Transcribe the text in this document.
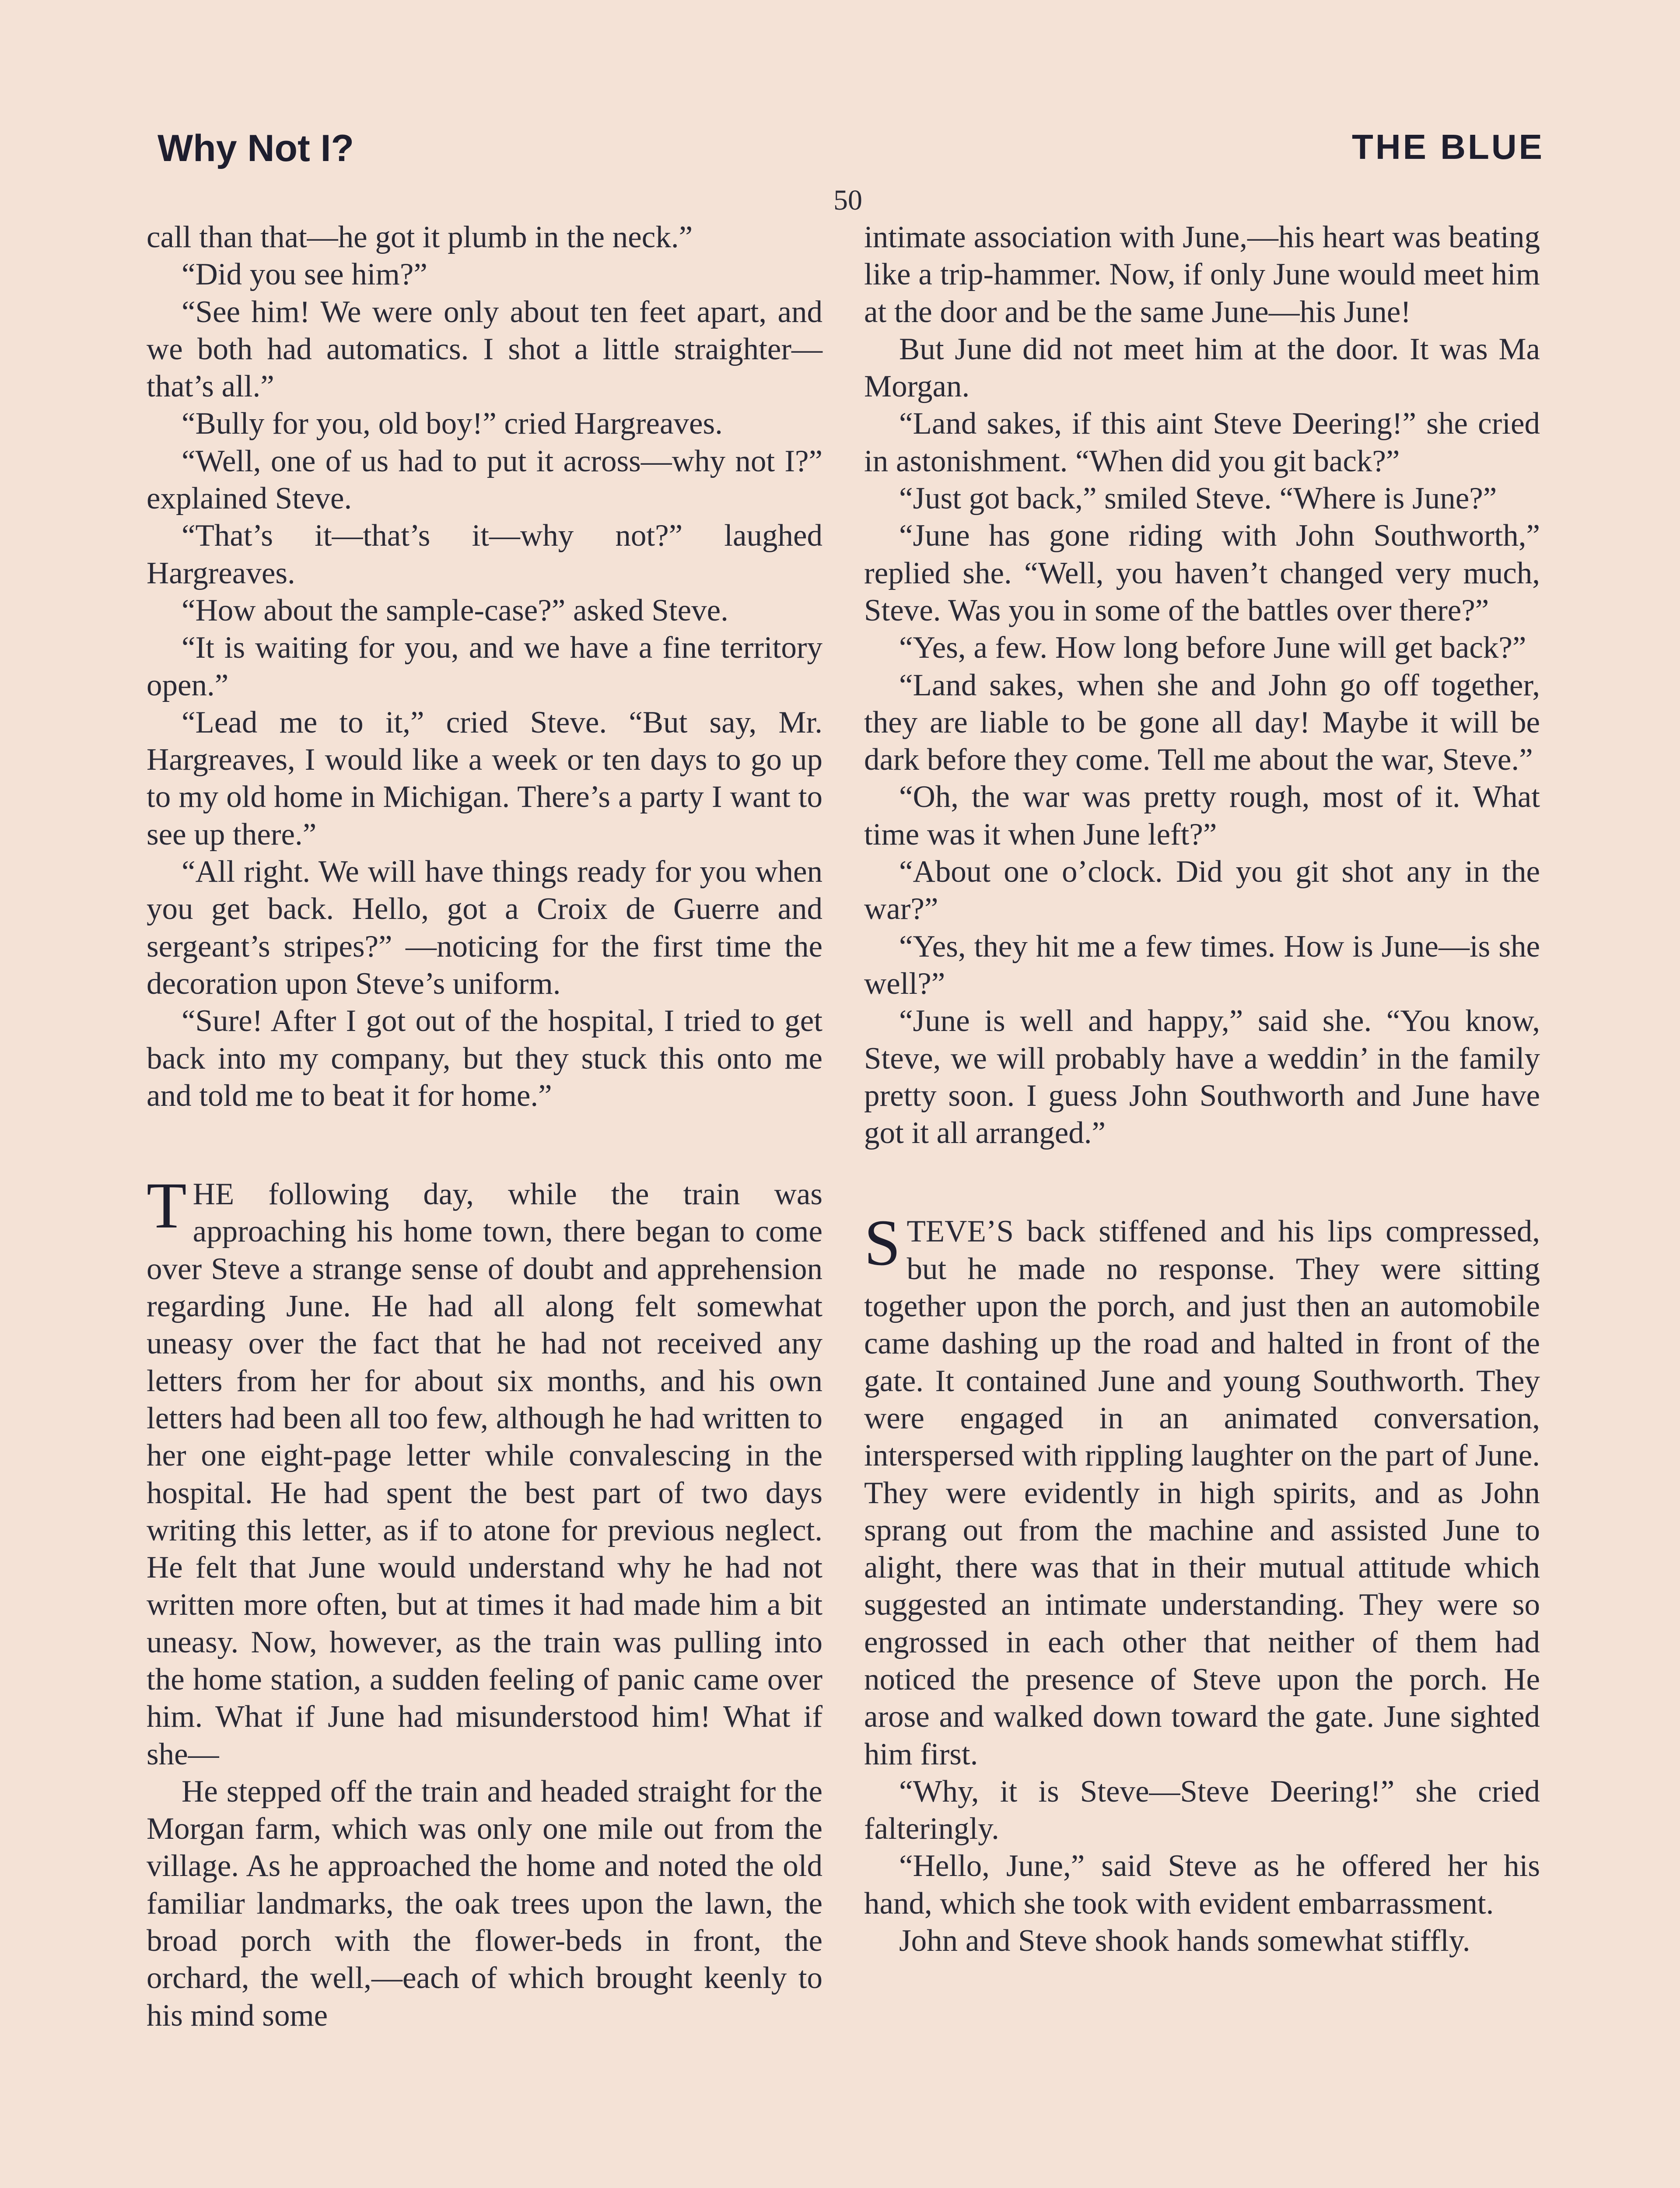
Why Not I?	THE BLUE
50

call than that—he got it plumb in the neck.”

“Did you see him?”

“See him! We were only about ten feet apart, and we both had automatics. I shot a little straighter—that’s all.”

“Bully for you, old boy!” cried Hargreaves.

“Well, one of us had to put it across—why not I?” explained Steve.

“That’s it—that’s it—why not?” laughed Hargreaves.

“How about the sample-case?” asked Steve.

“It is waiting for you, and we have a fine territory open.”

“Lead me to it,” cried Steve. “But say, Mr. Hargreaves, I would like a week or ten days to go up to my old home in Michigan. There’s a party I want to see up there.”

“All right. We will have things ready for you when you get back. Hello, got a Croix de Guerre and sergeant’s stripes?” —noticing for the first time the decoration upon Steve’s uniform.

“Sure! After I got out of the hospital, I tried to get back into my company, but they stuck this onto me and told me to beat it for home.”

THE following day, while the train was approaching his home town, there began to come over Steve a strange sense of doubt and apprehension regarding June. He had all along felt somewhat uneasy over the fact that he had not received any letters from her for about six months, and his own letters had been all too few, although he had written to her one eight-page letter while convalescing in the hospital. He had spent the best part of two days writing this letter, as if to atone for previous neglect. He felt that June would understand why he had not written more often, but at times it had made him a bit uneasy. Now, however, as the train was pulling into the home station, a sudden feeling of panic came over him. What if June had misunderstood him! What if she—

He stepped off the train and headed straight for the Morgan farm, which was only one mile out from the village. As he approached the home and noted the old familiar landmarks, the oak trees upon the lawn, the broad porch with the flower-beds in front, the orchard, the well,—each of which brought keenly to his mind some

intimate association with June,—his heart was beating like a trip-hammer. Now, if only June would meet him at the door and be the same June—his June!

But June did not meet him at the door. It was Ma Morgan.

“Land sakes, if this aint Steve Deering!” she cried in astonishment. “When did you git back?”

“Just got back,” smiled Steve. “Where is June?”

“June has gone riding with John Southworth,” replied she. “Well, you haven’t changed very much, Steve. Was you in some of the battles over there?”

“Yes, a few. How long before June will get back?”

“Land sakes, when she and John go off together, they are liable to be gone all day! Maybe it will be dark before they come. Tell me about the war, Steve.”

“Oh, the war was pretty rough, most of it. What time was it when June left?”

“About one o’clock. Did you git shot any in the war?”

“Yes, they hit me a few times. How is June—is she well?”

“June is well and happy,” said she. “You know, Steve, we will probably have a weddin’ in the family pretty soon. I guess John Southworth and June have got it all arranged.”

STEVE’S back stiffened and his lips compressed, but he made no response. They were sitting together upon the porch, and just then an automobile came dashing up the road and halted in front of the gate. It contained June and young Southworth. They were engaged in an animated conversation, interspersed with rippling laughter on the part of June. They were evidently in high spirits, and as John sprang out from the machine and assisted June to alight, there was that in their mutual attitude which suggested an intimate understanding. They were so engrossed in each other that neither of them had noticed the presence of Steve upon the porch. He arose and walked down toward the gate. June sighted him first.

“Why, it is Steve—Steve Deering!” she cried falteringly.

“Hello, June,” said Steve as he offered her his hand, which she took with evident embarrassment.

John and Steve shook hands somewhat stiffly.
